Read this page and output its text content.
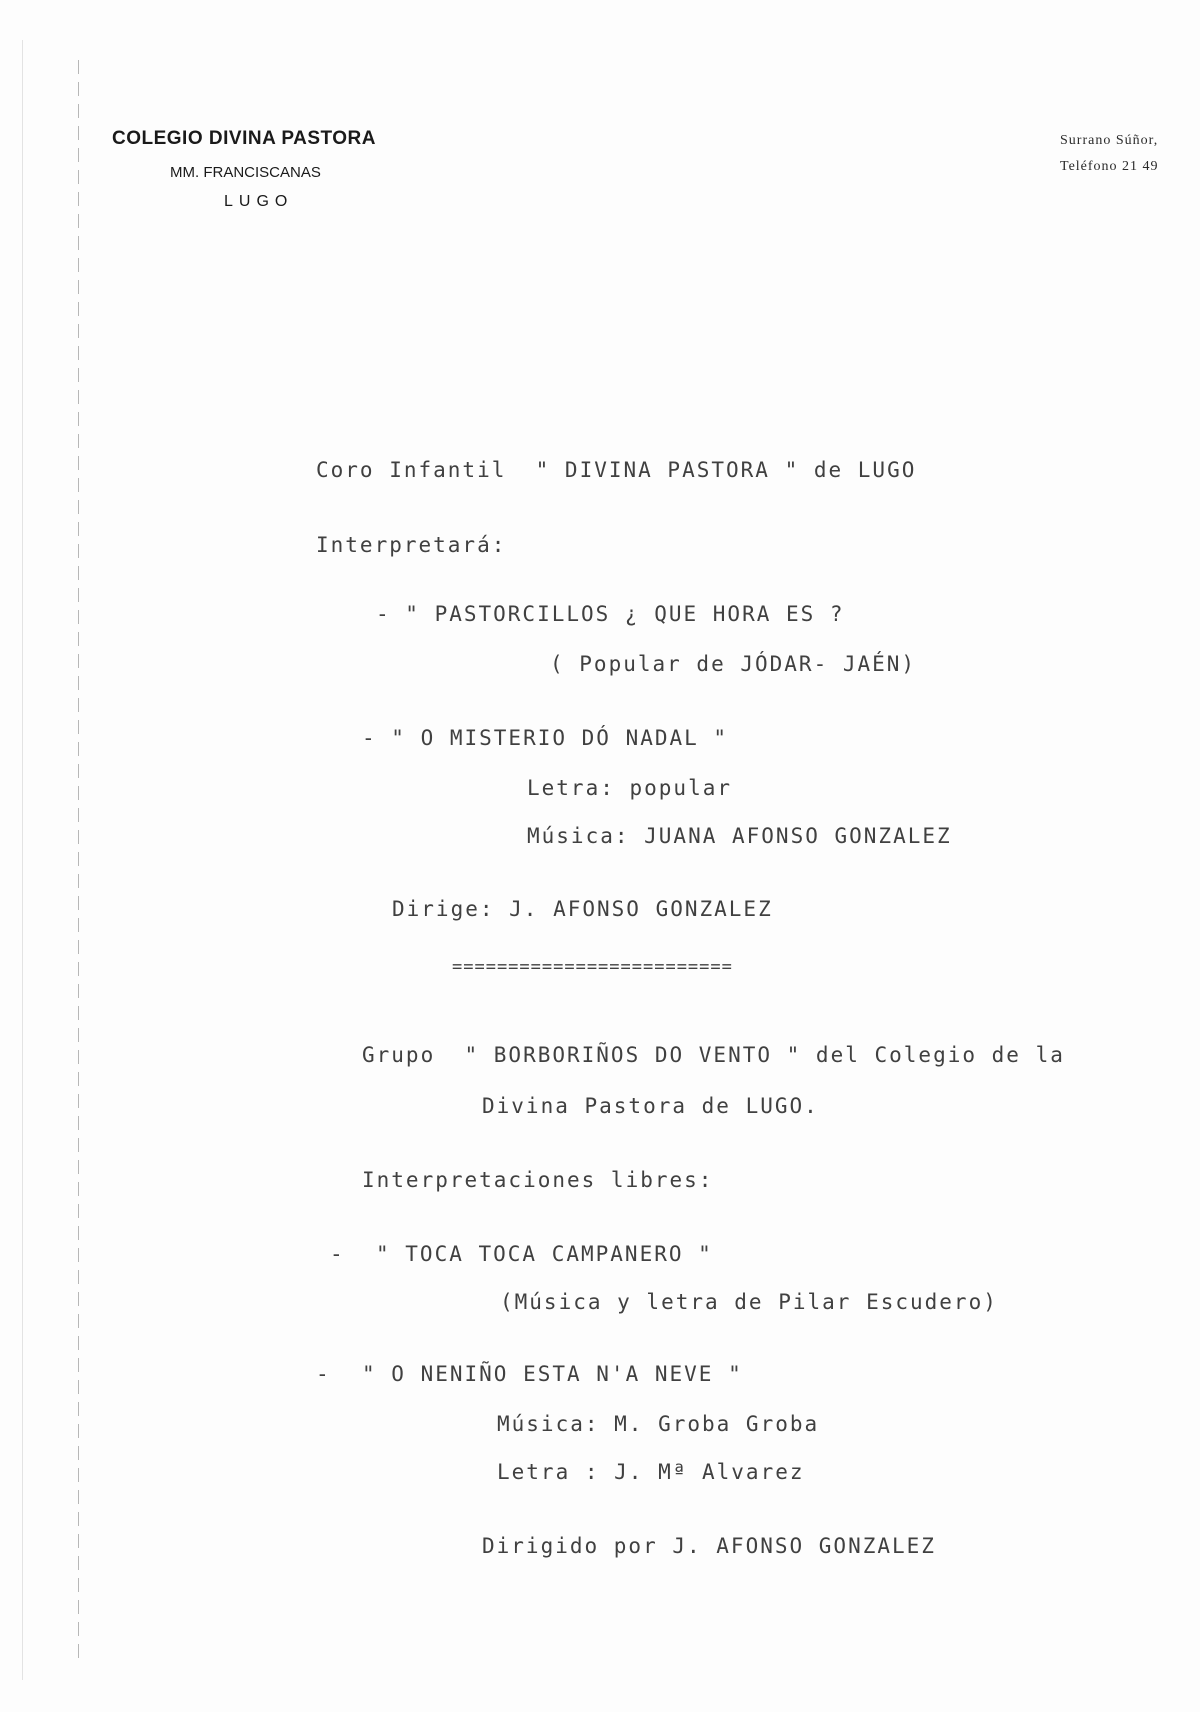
COLEGIO DIVINA PASTORA
MM. FRANCISCANAS
LUGO
Surrano Súñor,
Teléfono 21 49
Coro Infantil  " DIVINA PASTORA " de LUGO
Interpretará:
- " PASTORCILLOS ¿ QUE HORA ES ?
( Popular de JÓDAR- JAÉN)
- " O MISTERIO DÓ NADAL "
Letra: popular
Música: JUANA AFONSO GONZALEZ
Dirige: J. AFONSO GONZALEZ
=========================
Grupo  " BORBORIÑOS DO VENTO " del Colegio de la
Divina Pastora de LUGO.
Interpretaciones libres:
- " TOCA TOCA CAMPANERO "
(Música y letra de Pilar Escudero)
- " O NENIÑO ESTA N'A NEVE "
Música: M. Groba Groba
Letra : J. Mª Alvarez
Dirigido por J. AFONSO GONZALEZ
